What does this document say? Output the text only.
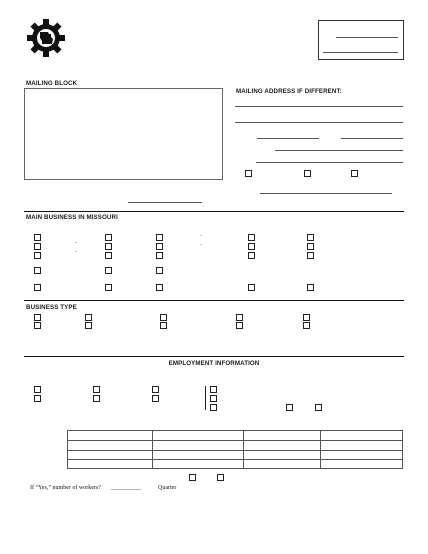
MAILING BLOCK
MAILING ADDRESS IF DIFFERENT:
MAIN BUSINESS IN MISSOURI
-
-
-
-
BUSINESS TYPE
EMPLOYMENT INFORMATION
If “Yes,” number of workers? __________	Quarter
